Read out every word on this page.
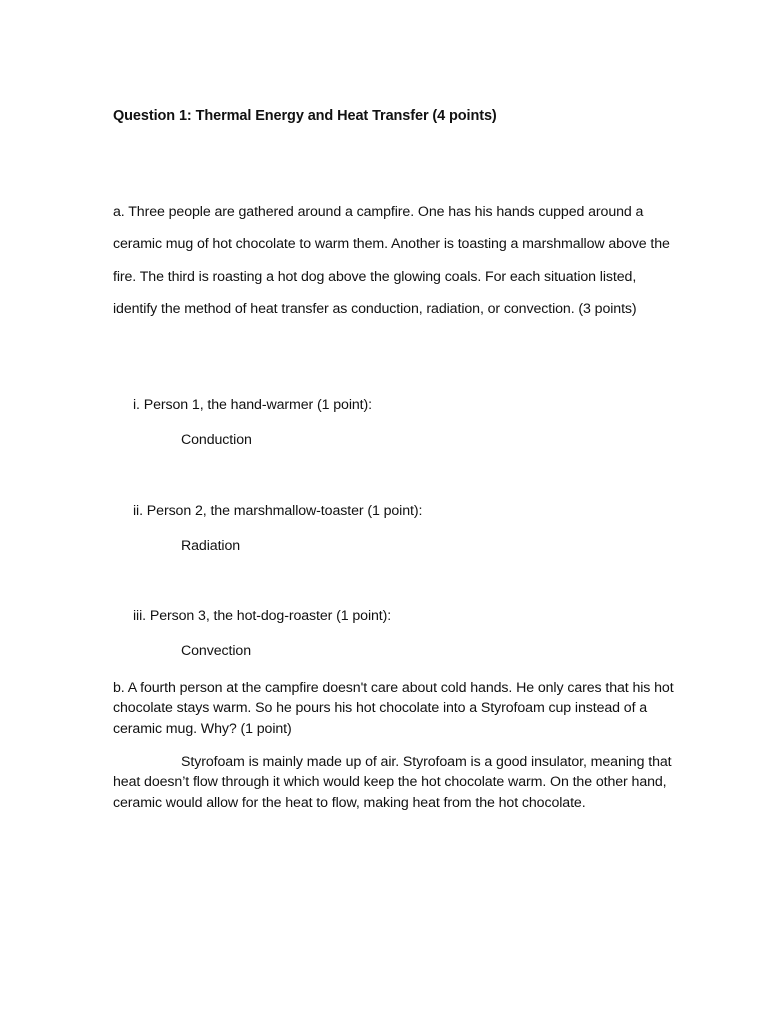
Question 1: Thermal Energy and Heat Transfer (4 points)
a. Three people are gathered around a campfire. One has his hands cupped around a
ceramic mug of hot chocolate to warm them. Another is toasting a marshmallow above the
fire. The third is roasting a hot dog above the glowing coals. For each situation listed,
identify the method of heat transfer as conduction, radiation, or convection. (3 points)
i. Person 1, the hand-warmer (1 point):
Conduction
ii. Person 2, the marshmallow-toaster (1 point):
Radiation
iii. Person 3, the hot-dog-roaster (1 point):
Convection
b. A fourth person at the campfire doesn't care about cold hands. He only cares that his hot
chocolate stays warm. So he pours his hot chocolate into a Styrofoam cup instead of a
ceramic mug. Why? (1 point)
Styrofoam is mainly made up of air. Styrofoam is a good insulator, meaning that
heat doesn’t flow through it which would keep the hot chocolate warm. On the other hand,
ceramic would allow for the heat to flow, making heat from the hot chocolate.
